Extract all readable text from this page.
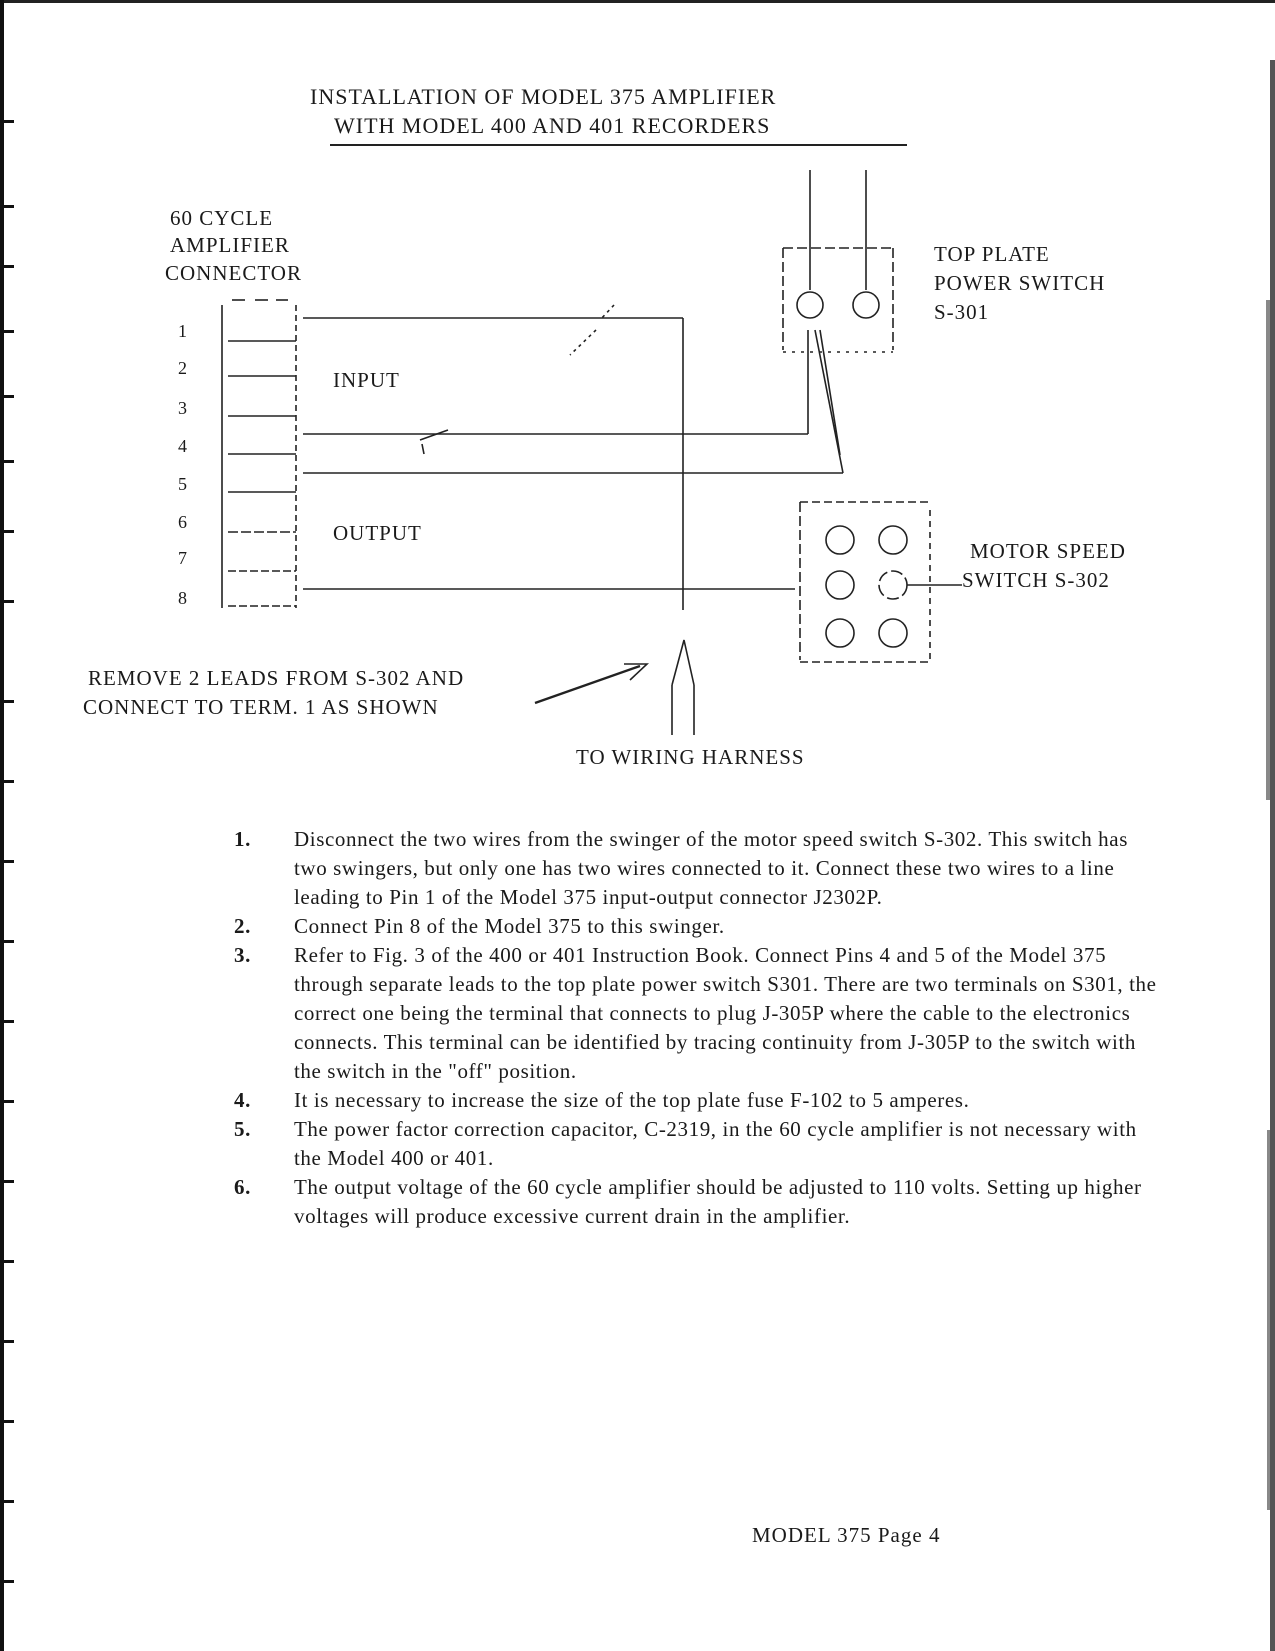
INSTALLATION OF MODEL 375 AMPLIFIER
WITH MODEL 400 AND 401 RECORDERS
60 CYCLE
AMPLIFIER
CONNECTOR
1
2
3
4
5
6
7
8
INPUT
OUTPUT
TOP PLATE
POWER SWITCH
S-301
MOTOR SPEED
SWITCH S-302
REMOVE 2 LEADS FROM S-302 AND
CONNECT TO TERM. 1 AS SHOWN
TO WIRING HARNESS
1. Disconnect the two wires from the swinger of the motor speed switch S-302. This switch has two swingers, but only one has two wires connected to it. Connect these two wires to a line leading to Pin 1 of the Model 375 input-output connector J2302P.
2. Connect Pin 8 of the Model 375 to this swinger.
3. Refer to Fig. 3 of the 400 or 401 Instruction Book. Connect Pins 4 and 5 of the Model 375 through separate leads to the top plate power switch S301. There are two terminals on S301, the correct one being the terminal that connects to plug J-305P where the cable to the electronics connects. This terminal can be identified by tracing continuity from J-305P to the switch with the switch in the "off" position.
4. It is necessary to increase the size of the top plate fuse F-102 to 5 amperes.
5. The power factor correction capacitor, C-2319, in the 60 cycle amplifier is not necessary with the Model 400 or 401.
6. The output voltage of the 60 cycle amplifier should be adjusted to 110 volts. Setting up higher voltages will produce excessive current drain in the amplifier.
MODEL 375 Page 4
